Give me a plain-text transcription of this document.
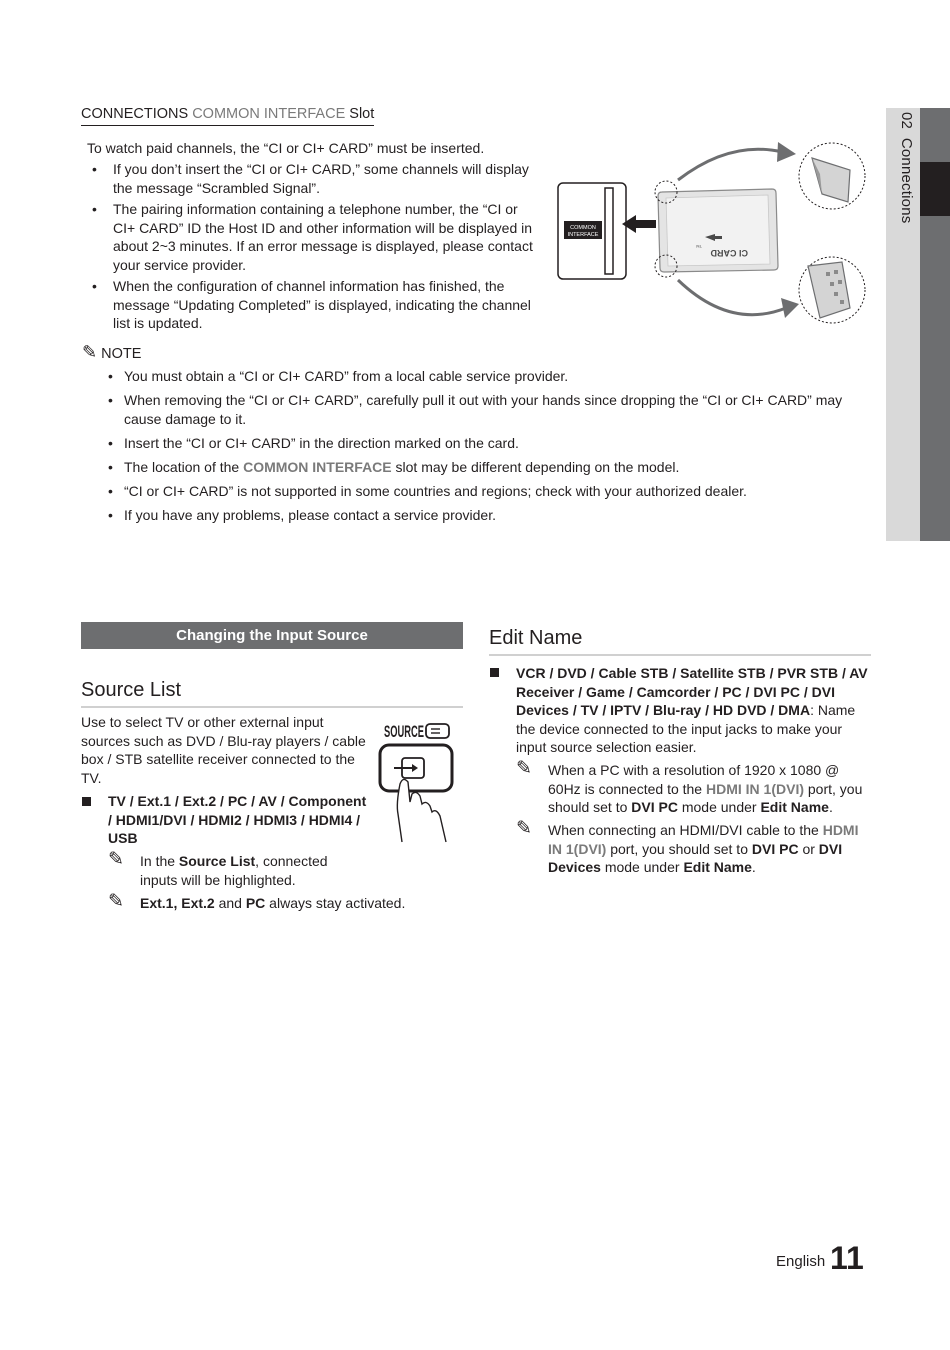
02  Connections
CONNECTIONS COMMON INTERFACE Slot
To watch paid channels, the “CI or CI+ CARD” must be inserted.
• If you don’t insert the “CI or CI+ CARD,” some channels will display the message “Scrambled Signal”.
• The pairing information containing a telephone number, the “CI or CI+ CARD” ID the Host ID and other information will be displayed in about 2~3 minutes. If an error message is displayed, please contact your service provider.
• When the configuration of channel information has finished, the message “Updating Completed” is displayed, indicating the channel list is updated.
COMMON
INTERFACE
CI CARD
TM
✎ NOTE
• You must obtain a “CI or CI+ CARD” from a local cable service provider.
• When removing the “CI or CI+ CARD”, carefully pull it out with your hands since dropping the “CI or CI+ CARD” may cause damage to it.
• Insert the “CI or CI+ CARD” in the direction marked on the card.
• The location of the COMMON INTERFACE slot may be different depending on the model.
• “CI or CI+ CARD” is not supported in some countries and regions; check with your authorized dealer.
• If you have any problems, please contact a service provider.
Changing the Input Source
Source List
Use to select TV or other external input sources such as DVD / Blu-ray players / cable box / STB satellite receiver connected to the TV.
TV / Ext.1 / Ext.2 / PC / AV / Component / HDMI1/DVI / HDMI2 / HDMI3 / HDMI4 / USB
✎	In the Source List, connected inputs will be highlighted.
✎	Ext.1, Ext.2 and PC always stay activated.
SOURCE
Edit Name
VCR / DVD / Cable STB / Satellite STB / PVR STB / AV Receiver / Game / Camcorder / PC / DVI PC / DVI Devices / TV / IPTV / Blu-ray / HD DVD / DMA: Name the device connected to the input jacks to make your input source selection easier.
✎	When a PC with a resolution of 1920 x 1080 @ 60Hz is connected to the HDMI IN 1(DVI) port, you should set to DVI PC mode under Edit Name.
✎	When connecting an HDMI/DVI cable to the HDMI IN 1(DVI) port, you should set to DVI PC or DVI Devices mode under Edit Name.
English 11
